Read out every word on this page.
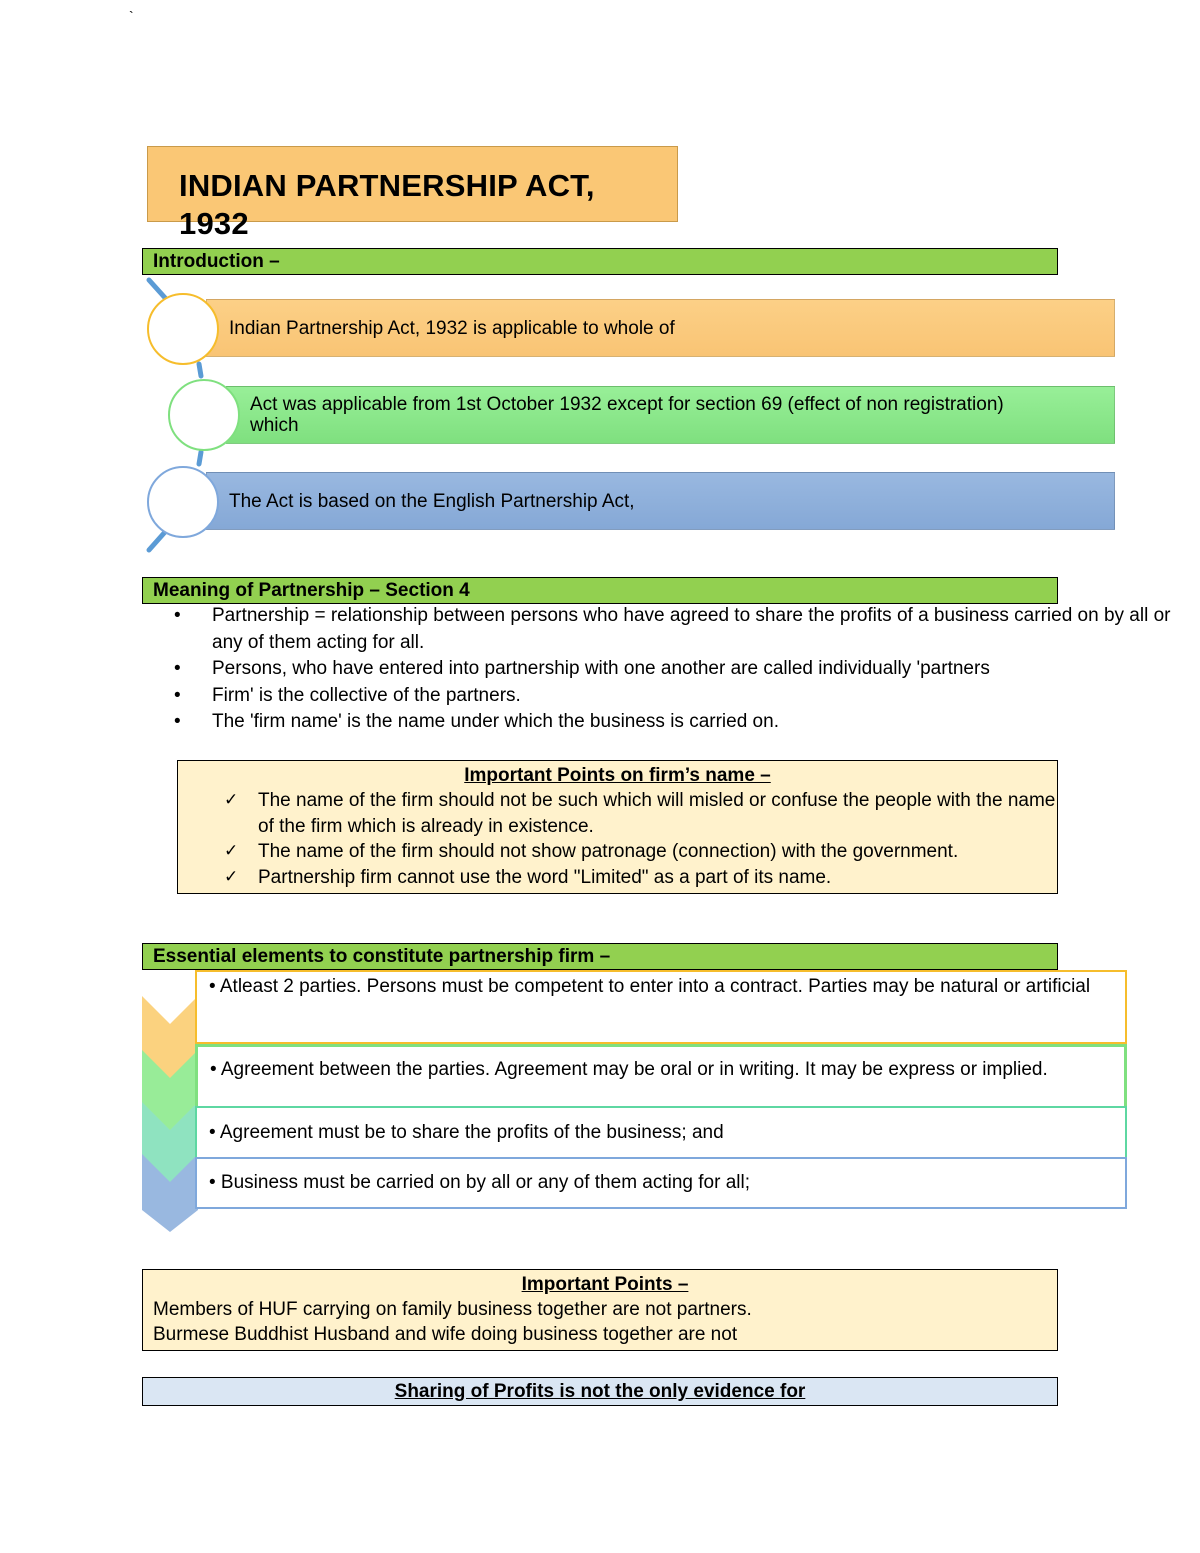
`
INDIAN PARTNERSHIP ACT, 1932
Introduction –
Indian Partnership Act, 1932 is applicable to whole of
Act was applicable from 1st October 1932 except for section 69 (effect of non registration) which
The Act is based on the English Partnership Act,
Meaning of Partnership – Section 4
• Partnership = relationship between persons who have agreed to share the profits of a business carried on by all or any of them acting for all.
• Persons, who have entered into partnership with one another are called individually 'partners
• Firm' is the collective of the partners.
• The 'firm name' is the name under which the business is carried on.
Important Points on firm’s name –
✓ The name of the firm should not be such which will misled or confuse the people with the name of the firm which is already in existence.
✓ The name of the firm should not show patronage (connection) with the government.
✓ Partnership firm cannot use the word "Limited" as a part of its name.
Essential elements to constitute partnership firm –
• Atleast 2 parties. Persons must be competent to enter into a contract. Parties may be natural or artificial
• Agreement between the parties. Agreement may be oral or in writing. It may be express or implied.
• Agreement must be to share the profits of the business; and
• Business must be carried on by all or any of them acting for all;
Important Points –
Members of HUF carrying on family business together are not partners.
Burmese Buddhist Husband and wife doing business together are not
Sharing of Profits is not the only evidence for
